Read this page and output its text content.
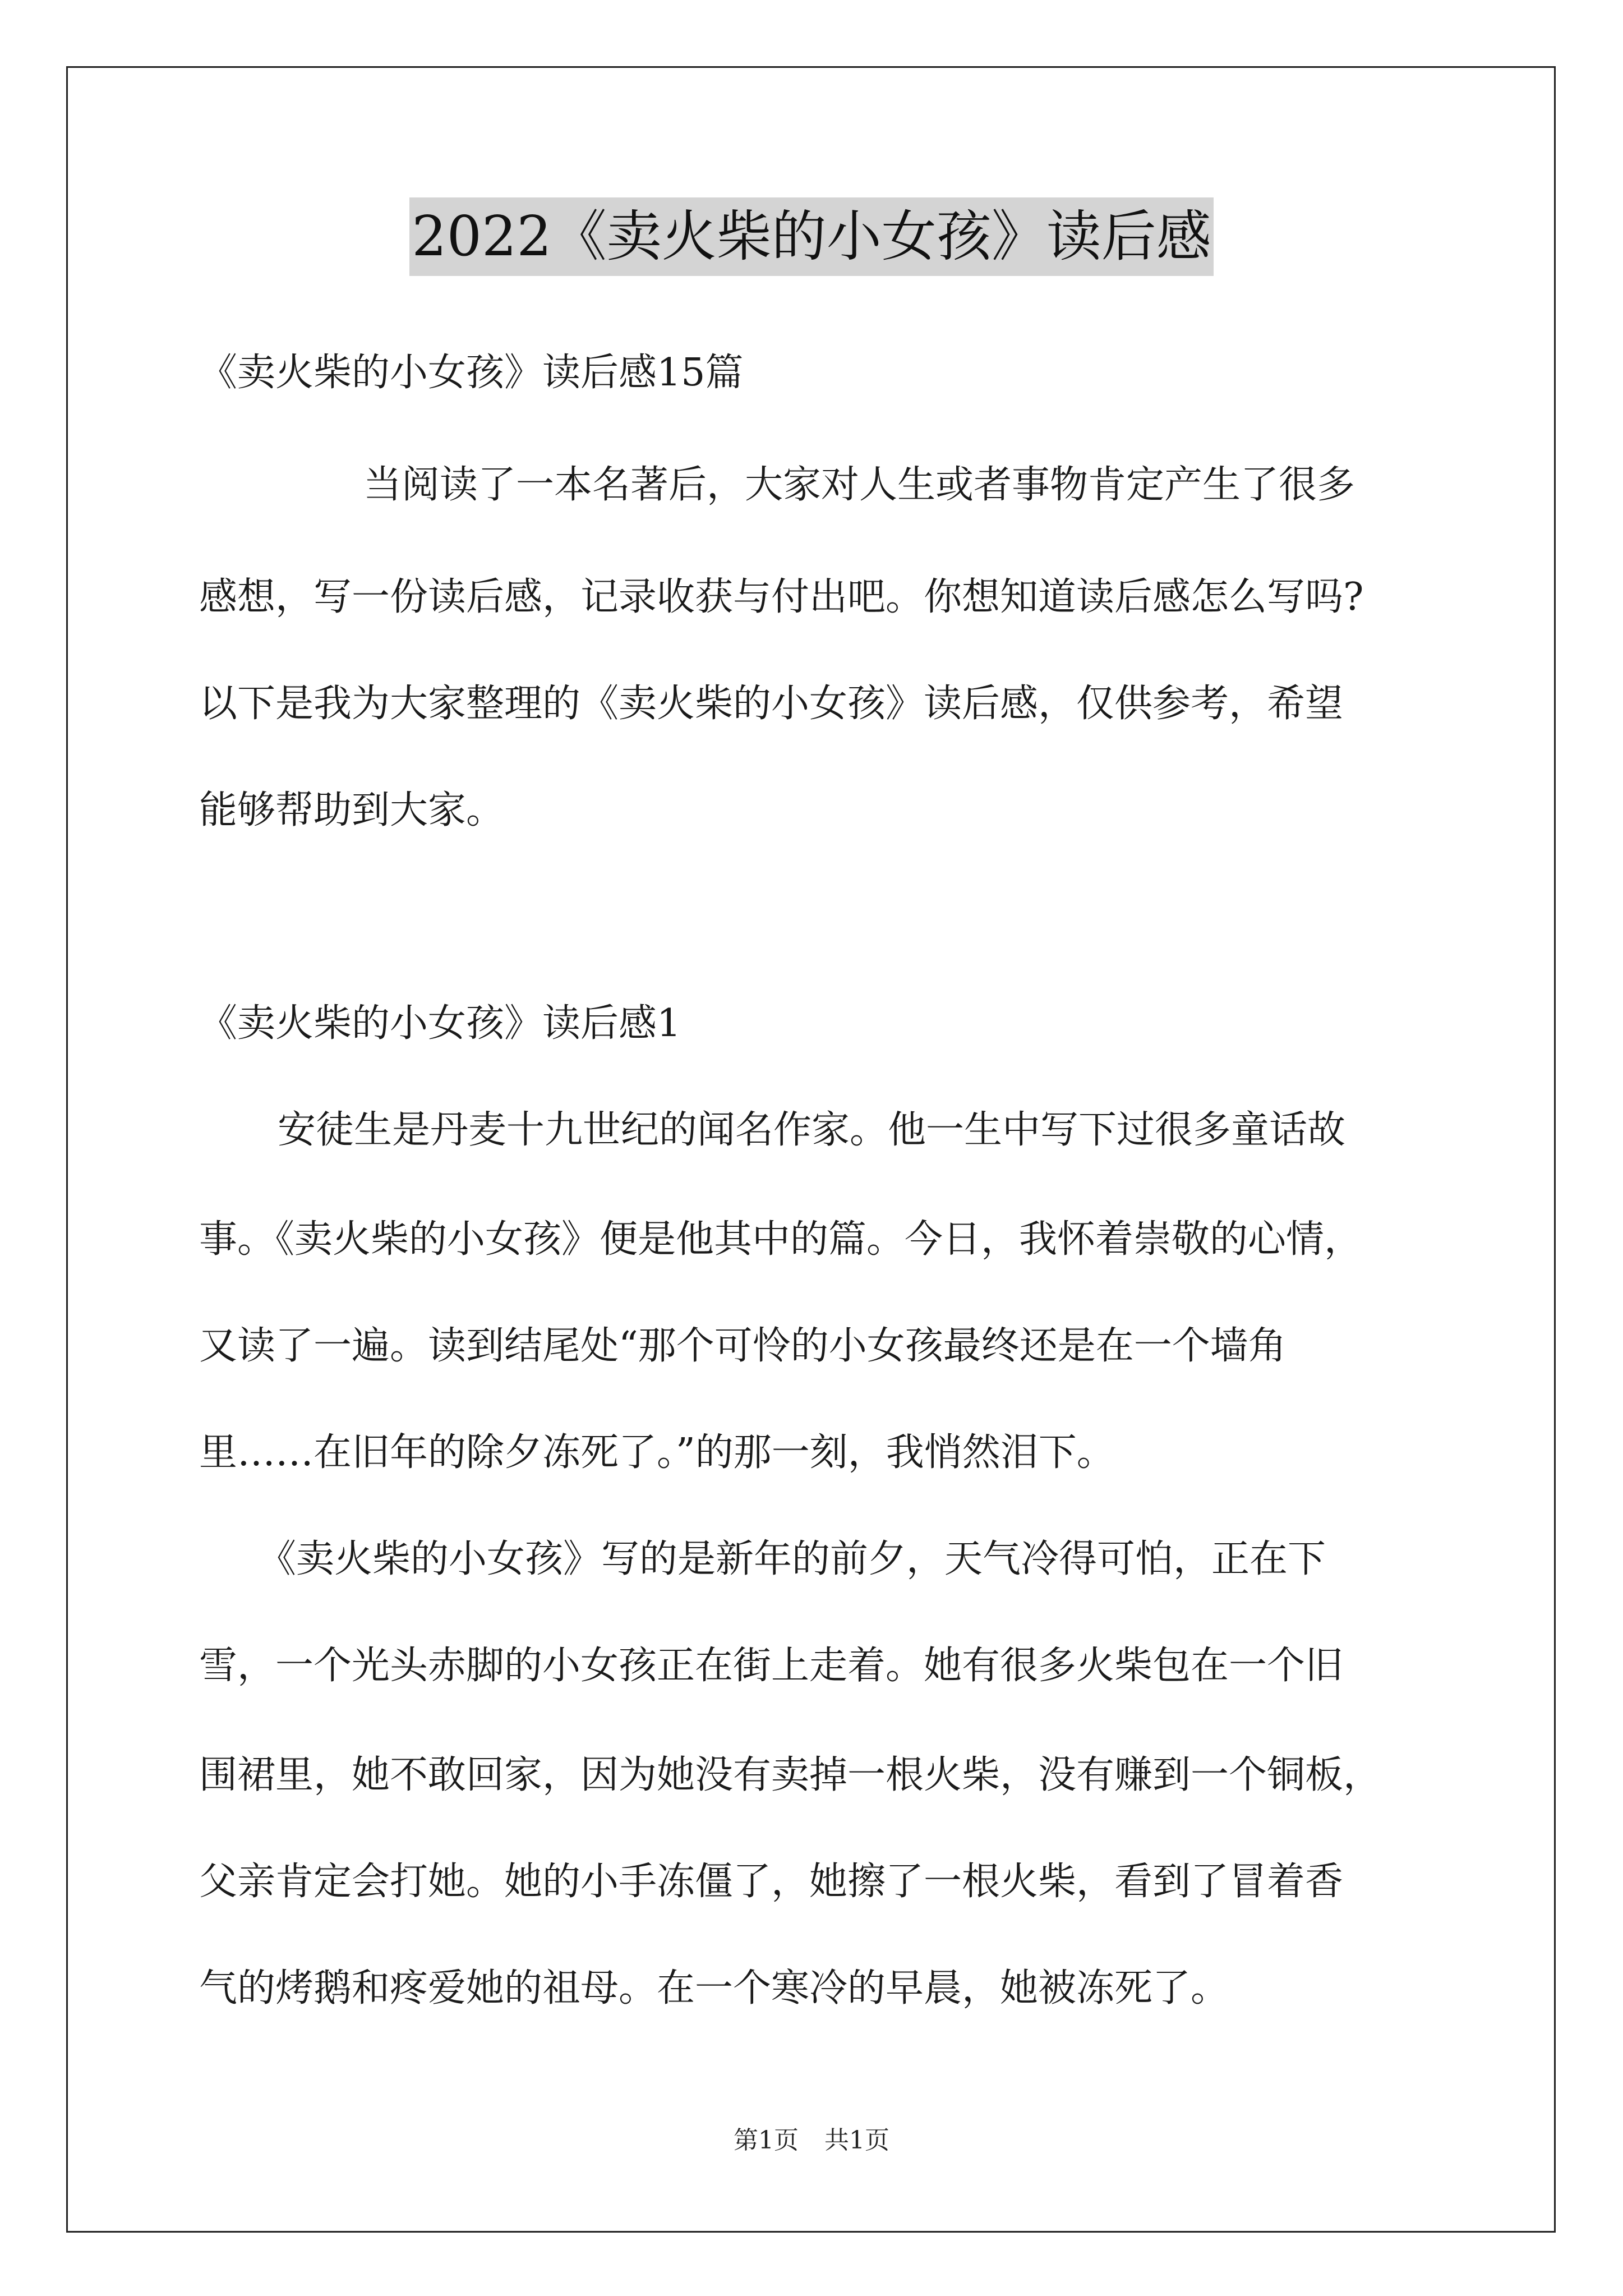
2022《卖火柴的小女孩》读后感
《卖火柴的小女孩》读后感15篇
当阅读了一本名著后，大家对人生或者事物肯定产生了很多
感想，写一份读后感，记录收获与付出吧。你想知道读后感怎么写吗?
以下是我为大家整理的《卖火柴的小女孩》读后感，仅供参考，希望
能够帮助到大家。
《卖火柴的小女孩》读后感1
安徒生是丹麦十九世纪的闻名作家。他一生中写下过很多童话故
事。《卖火柴的小女孩》便是他其中的篇。今日，我怀着崇敬的心情，
又读了一遍。读到结尾处“那个可怜的小女孩最终还是在一个墙角
里……在旧年的除夕冻死了。”的那一刻，我悄然泪下。
《卖火柴的小女孩》写的是新年的前夕，天气冷得可怕，正在下
雪，一个光头赤脚的小女孩正在街上走着。她有很多火柴包在一个旧
围裙里，她不敢回家，因为她没有卖掉一根火柴，没有赚到一个铜板，
父亲肯定会打她。她的小手冻僵了，她擦了一根火柴，看到了冒着香
气的烤鹅和疼爱她的祖母。在一个寒冷的早晨，她被冻死了。
第1页 共1页
